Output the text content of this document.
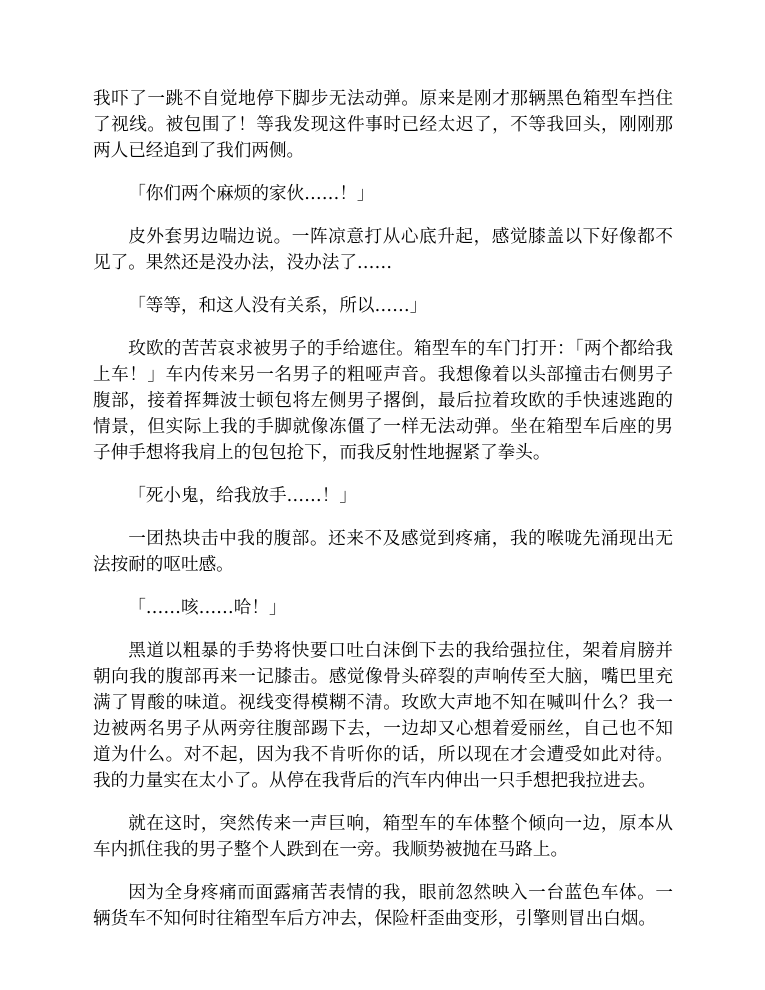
我吓了一跳不自觉地停下脚步无法动弹。原来是刚才那辆黑色箱型车挡住了视线。被包围了！等我发现这件事时已经太迟了，不等我回头，刚刚那两人已经追到了我们两侧。

「你们两个麻烦的家伙……！」

皮外套男边喘边说。一阵凉意打从心底升起，感觉膝盖以下好像都不见了。果然还是没办法，没办法了……

「等等，和这人没有关系，所以……」

玫欧的苦苦哀求被男子的手给遮住。箱型车的车门打开：「两个都给我上车！」车内传来另一名男子的粗哑声音。我想像着以头部撞击右侧男子腹部，接着挥舞波士顿包将左侧男子撂倒，最后拉着玫欧的手快速逃跑的情景，但实际上我的手脚就像冻僵了一样无法动弹。坐在箱型车后座的男子伸手想将我肩上的包包抢下，而我反射性地握紧了拳头。

「死小鬼，给我放手……！」

一团热块击中我的腹部。还来不及感觉到疼痛，我的喉咙先涌现出无法按耐的呕吐感。

「……咳……哈！」

黑道以粗暴的手势将快要口吐白沫倒下去的我给强拉住，架着肩膀并朝向我的腹部再来一记膝击。感觉像骨头碎裂的声响传至大脑，嘴巴里充满了胃酸的味道。视线变得模糊不清。玫欧大声地不知在喊叫什么？我一边被两名男子从两旁往腹部踢下去，一边却又心想着爱丽丝，自己也不知道为什么。对不起，因为我不肯听你的话，所以现在才会遭受如此对待。我的力量实在太小了。从停在我背后的汽车内伸出一只手想把我拉进去。

就在这时，突然传来一声巨响，箱型车的车体整个倾向一边，原本从车内抓住我的男子整个人跌到在一旁。我顺势被抛在马路上。

因为全身疼痛而面露痛苦表情的我，眼前忽然映入一台蓝色车体。一辆货车不知何时往箱型车后方冲去，保险杆歪曲变形，引擎则冒出白烟。
